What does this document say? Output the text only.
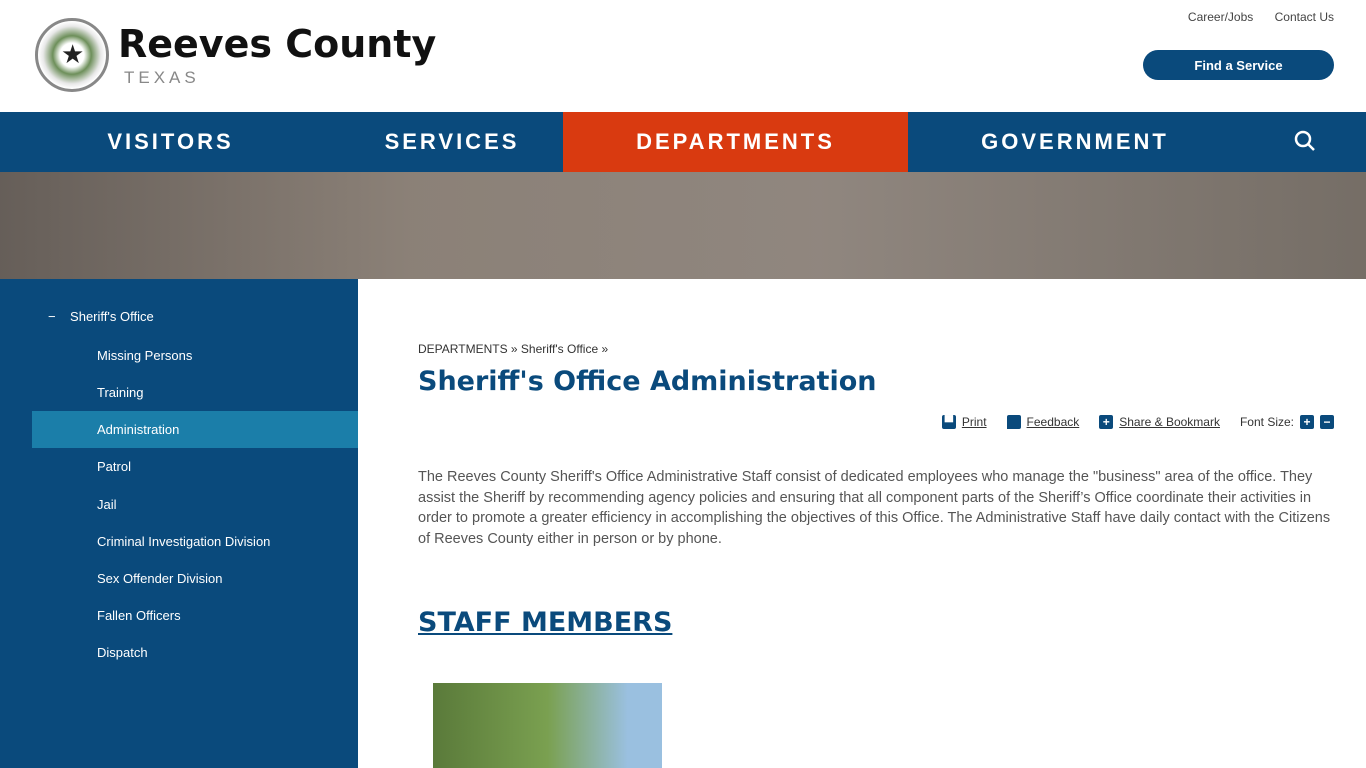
★ Reeves County
TEXAS
Career/Jobs Contact Us
Find a Service
VISITORS	SERVICES	DEPARTMENTS	GOVERNMENT
− Sheriff's Office
Missing Persons
Training
Administration
Patrol
Jail
Criminal Investigation Division
Sex Offender Division
Fallen Officers
Dispatch
DEPARTMENTS » Sheriff's Office »
Sheriff's Office Administration
▀ Print	Feedback + Share & Bookmark Font Size: + −

The Reeves County Sheriff's Office Administrative Staff consist of dedicated employees who manage the "business" area of the office. They assist the Sheriff by recommending agency policies and ensuring that all component parts of the Sheriff’s Office coordinate their activities in order to promote a greater efficiency in accomplishing the objectives of this Office. The Administrative Staff have daily contact with the Citizens of Reeves County either in person or by phone.

STAFF MEMBERS
